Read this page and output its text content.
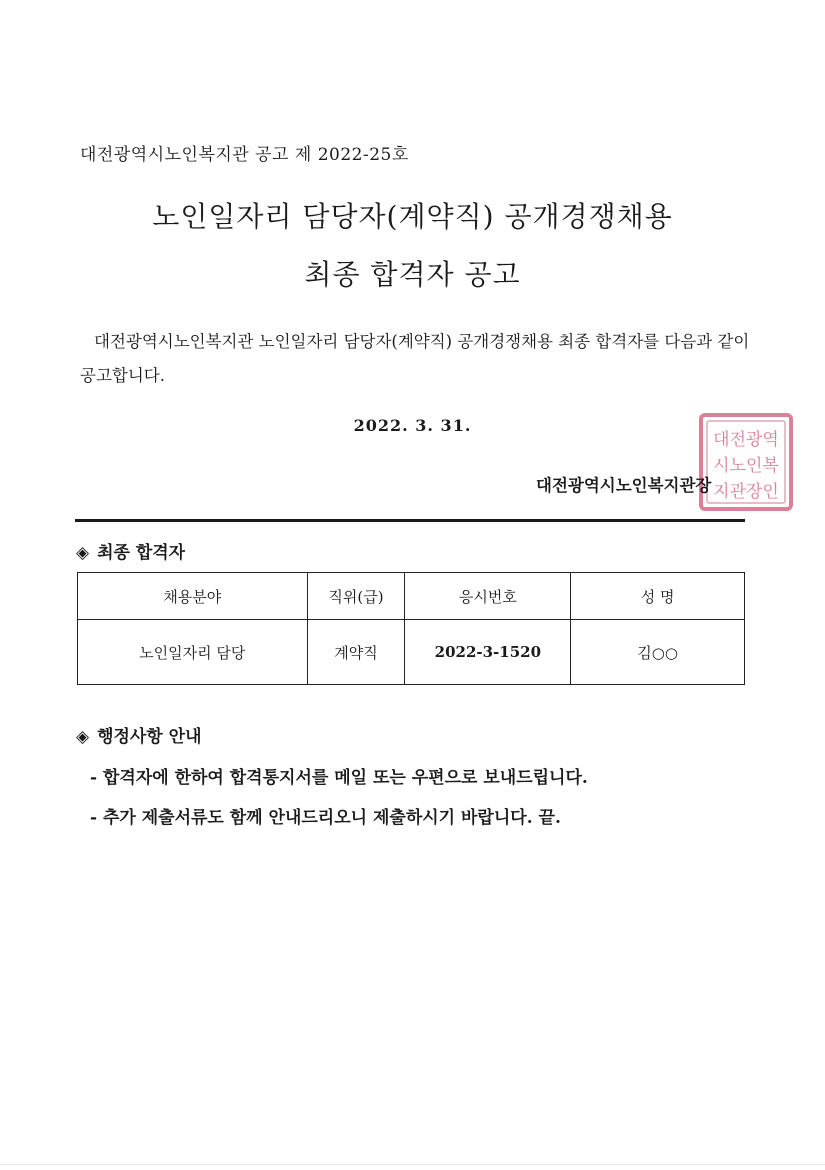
대전광역시노인복지관 공고 제 2022-25호
노인일자리 담당자(계약직) 공개경쟁채용
최종 합격자 공고
대전광역시노인복지관 노인일자리 담당자(계약직) 공개경쟁채용 최종 합격자를 다음과 같이 공고합니다.
2022. 3. 31.
대전광역
시노인복
지관장인
대전광역시노인복지관장
◈ 최종 합격자
채용분야	직위(급)	응시번호	성 명
노인일자리 담당	계약직	2022-3-1520	김○○
◈ 행정사항 안내
- 합격자에 한하여 합격통지서를 메일 또는 우편으로 보내드립니다.
- 추가 제출서류도 함께 안내드리오니 제출하시기 바랍니다. 끝.
